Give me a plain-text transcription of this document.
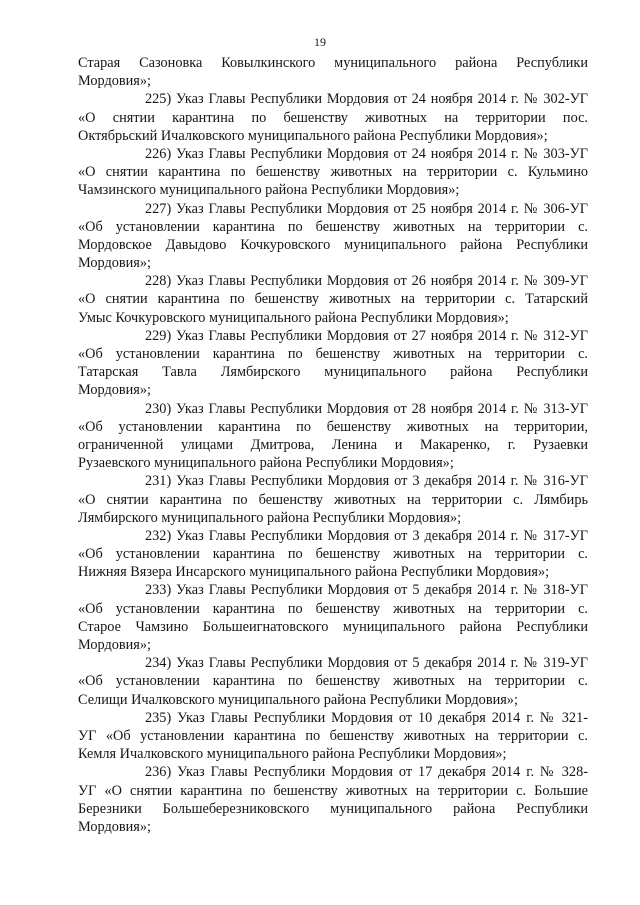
19
Старая Сазоновка Ковылкинского муниципального района Республики
Мордовия»;
225) Указ Главы Республики Мордовия от 24 ноября 2014 г. № 302-УГ
«О снятии карантина по бешенству животных на территории пос.
Октябрьский Ичалковского муниципального района Республики Мордовия»;
226) Указ Главы Республики Мордовия от 24 ноября 2014 г. № 303-УГ
«О снятии карантина по бешенству животных на территории с. Кульмино
Чамзинского муниципального района Республики Мордовия»;
227) Указ Главы Республики Мордовия от 25 ноября 2014 г. № 306-УГ
«Об установлении карантина по бешенству животных на территории с.
Мордовское Давыдово Кочкуровского муниципального района Республики
Мордовия»;
228) Указ Главы Республики Мордовия от 26 ноября 2014 г. № 309-УГ
«О снятии карантина по бешенству животных на территории с. Татарский
Умыс Кочкуровского муниципального района Республики Мордовия»;
229) Указ Главы Республики Мордовия от 27 ноября 2014 г. № 312-УГ
«Об установлении карантина по бешенству животных на территории с.
Татарская Тавла Лямбирского муниципального района Республики
Мордовия»;
230) Указ Главы Республики Мордовия от 28 ноября 2014 г. № 313-УГ
«Об установлении карантина по бешенству животных на территории,
ограниченной улицами Дмитрова, Ленина и Макаренко, г. Рузаевки
Рузаевского муниципального района Республики Мордовия»;
231) Указ Главы Республики Мордовия от 3 декабря 2014 г. № 316-УГ
«О снятии карантина по бешенству животных на территории с. Лямбирь
Лямбирского муниципального района Республики Мордовия»;
232) Указ Главы Республики Мордовия от 3 декабря 2014 г. № 317-УГ
«Об установлении карантина по бешенству животных на территории с.
Нижняя Вязера Инсарского муниципального района Республики Мордовия»;
233) Указ Главы Республики Мордовия от 5 декабря 2014 г. № 318-УГ
«Об установлении карантина по бешенству животных на территории с.
Старое Чамзино Большеигнатовского муниципального района Республики
Мордовия»;
234) Указ Главы Республики Мордовия от 5 декабря 2014 г. № 319-УГ
«Об установлении карантина по бешенству животных на территории с.
Селищи Ичалковского муниципального района Республики Мордовия»;
235) Указ Главы Республики Мордовия от 10 декабря 2014 г. № 321-
УГ «Об установлении карантина по бешенству животных на территории с.
Кемля Ичалковского муниципального района Республики Мордовия»;
236) Указ Главы Республики Мордовия от 17 декабря 2014 г. № 328-
УГ «О снятии карантина по бешенству животных на территории с. Большие
Березники Большеберезниковского муниципального района Республики
Мордовия»;
